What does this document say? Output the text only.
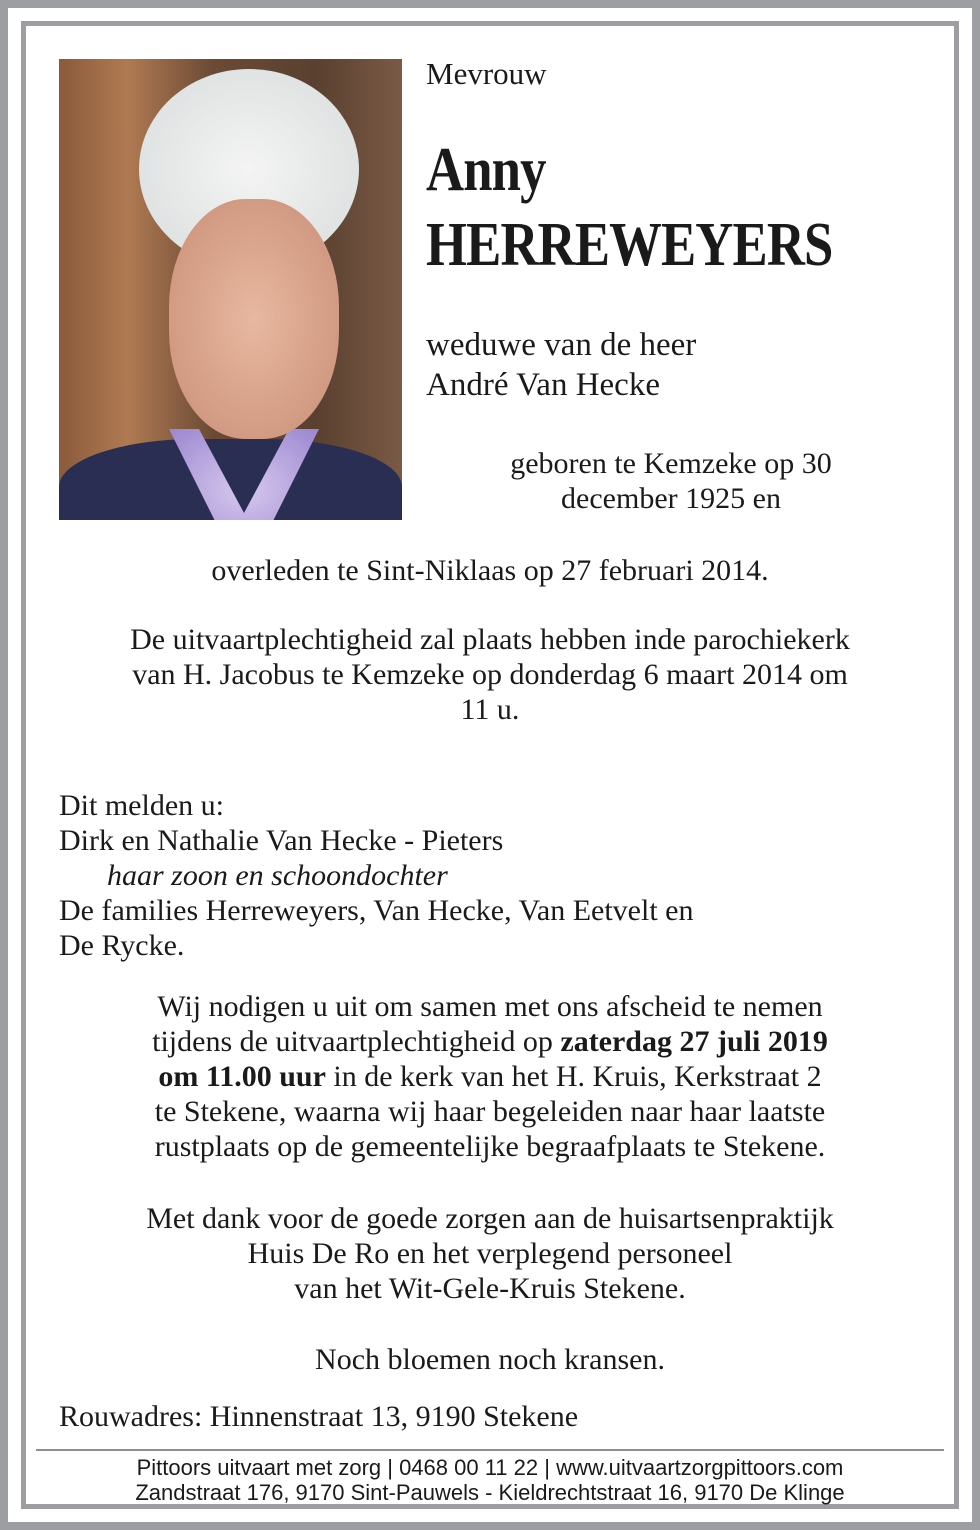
Mevrouw
Anny
HERREWEYERS
weduwe van de heer
André Van Hecke
geboren te Kemzeke op 30
december 1925 en
overleden te Sint-Niklaas op 27 februari 2014.
De uitvaartplechtigheid zal plaats hebben inde parochiekerk
van H. Jacobus te Kemzeke op donderdag 6 maart 2014 om
11 u.
Dit melden u:
Dirk en Nathalie Van Hecke - Pieters
haar zoon en schoondochter
De families Herreweyers, Van Hecke, Van Eetvelt en
De Rycke.
Wij nodigen u uit om samen met ons afscheid te nemen
tijdens de uitvaartplechtigheid op zaterdag 27 juli 2019
om 11.00 uur in de kerk van het H. Kruis, Kerkstraat 2
te Stekene, waarna wij haar begeleiden naar haar laatste
rustplaats op de gemeentelijke begraafplaats te Stekene.
Met dank voor de goede zorgen aan de huisartsenpraktijk
Huis De Ro en het verplegend personeel
van het Wit-Gele-Kruis Stekene.
Noch bloemen noch kransen.
Rouwadres: Hinnenstraat 13, 9190 Stekene
Pittoors uitvaart met zorg | 0468 00 11 22 | www.uitvaartzorgpittoors.com
Zandstraat 176, 9170 Sint-Pauwels - Kieldrechtstraat 16, 9170 De Klinge
